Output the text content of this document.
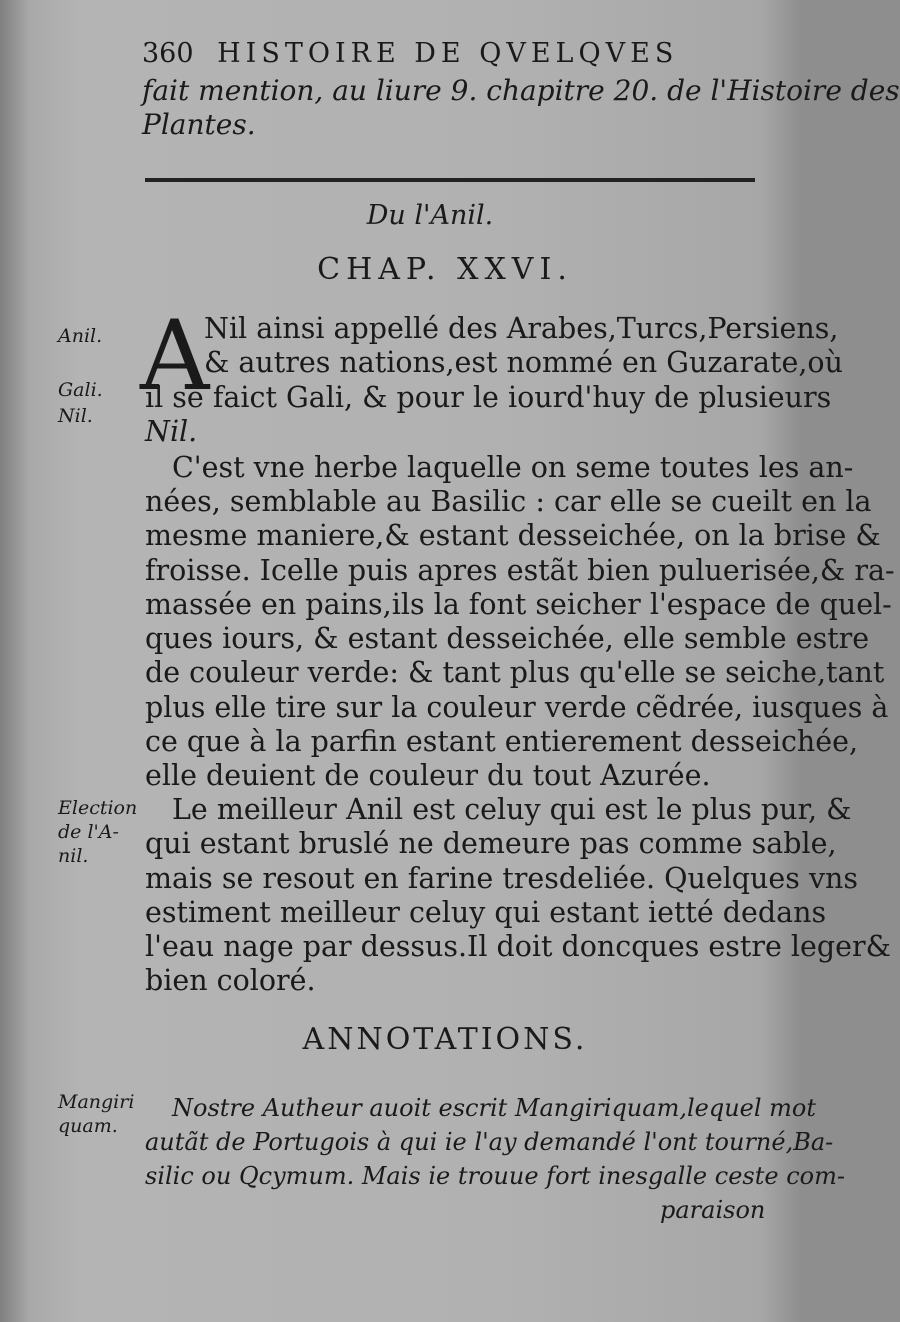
360 HISTOIRE DE QVELQVES
fait mention, au liure 9. chapitre 20. de l'Histoire des
Plantes.
Du l'Anil.
CHAP. XXVI.
Anil.
Gali.
Nil.
Election
de l'A-
nil.
Mangiri
quam.
A
Nil ainsi appellé des Arabes,Turcs,Persiens,
& autres nations,est nommé en Guzarate,où
il se faict Gali, & pour le iourd'huy de plusieurs
Nil.
C'est vne herbe laquelle on seme toutes les an-
nées, semblable au Basilic : car elle se cueilt en la
mesme maniere,& estant desseichée, on la brise &
froisse. Icelle puis apres estãt bien puluerisée,& ra-
massée en pains,ils la font seicher l'espace de quel-
ques iours, & estant desseichée, elle semble estre
de couleur verde: & tant plus qu'elle se seiche,tant
plus elle tire sur la couleur verde cẽdrée, iusques à
ce que à la parfin estant entierement desseichée,
elle deuient de couleur du tout Azurée.
Le meilleur Anil est celuy qui est le plus pur, &
qui estant bruslé ne demeure pas comme sable,
mais se resout en farine tresdeliée. Quelques vns
estiment meilleur celuy qui estant ietté dedans
l'eau nage par dessus.Il doit doncques estre leger&
bien coloré.
ANNOTATIONS.
Nostre Autheur auoit escrit Mangiriquam,lequel mot
autãt de Portugois à qui ie l'ay demandé l'ont tourné,Ba-
silic ou Qcymum. Mais ie trouue fort inesgalle ceste com-
paraison
